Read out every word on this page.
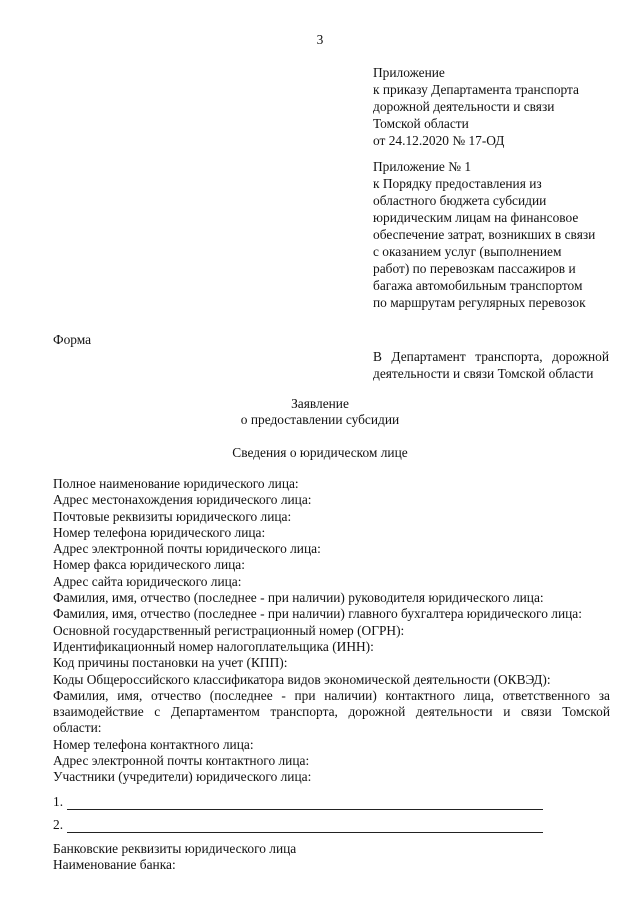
3
Приложение
к приказу Департамента транспорта
дорожной деятельности и связи
Томской области
от 24.12.2020 № 17-ОД
Приложение № 1
к Порядку предоставления из
областного бюджета субсидии
юридическим лицам на финансовое
обеспечение затрат, возникших в связи
с оказанием услуг (выполнением
работ) по перевозкам пассажиров и
багажа автомобильным транспортом
по маршрутам регулярных перевозок
Форма
В Департамент транспорта, дорожной
деятельности и связи Томской области
Заявление
о предоставлении субсидии
Сведения о юридическом лице
Полное наименование юридического лица:
Адрес местонахождения юридического лица:
Почтовые реквизиты юридического лица:
Номер телефона юридического лица:
Адрес электронной почты юридического лица:
Номер факса юридического лица:
Адрес сайта юридического лица:
Фамилия, имя, отчество (последнее - при наличии) руководителя юридического лица:
Фамилия, имя, отчество (последнее - при наличии) главного бухгалтера юридического лица:
Основной государственный регистрационный номер (ОГРН):
Идентификационный номер налогоплательщика (ИНН):
Код причины постановки на учет (КПП):
Коды Общероссийского классификатора видов экономической деятельности (ОКВЭД):
Фамилия, имя, отчество (последнее - при наличии) контактного лица, ответственного за
взаимодействие с Департаментом транспорта, дорожной деятельности и связи Томской
области:
Номер телефона контактного лица:
Адрес электронной почты контактного лица:
Участники (учредители) юридического лица:
1.
2.
Банковские реквизиты юридического лица
Наименование банка:
